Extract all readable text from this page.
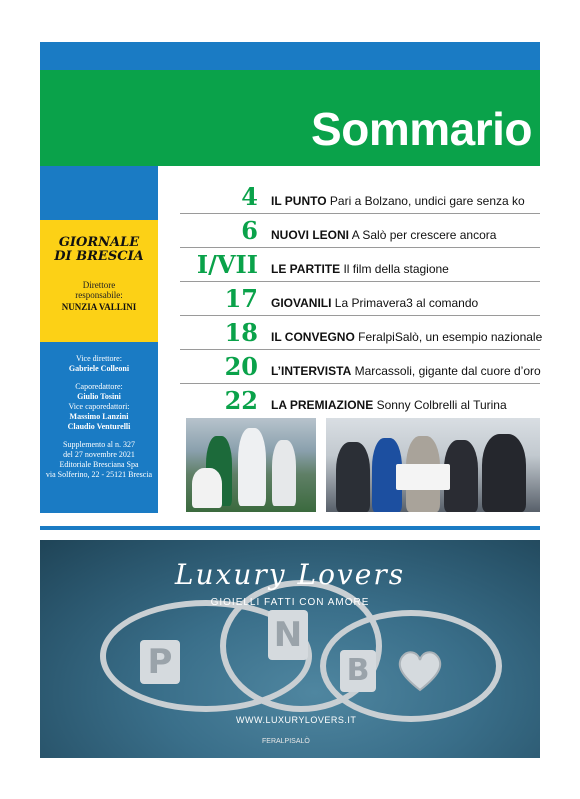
Sommario
GIORNALE
DI BRESCIA
Direttore
responsabile:
NUNZIA VALLINI
Vice direttore:
Gabriele Colleoni
Caporedattore:
Giulio Tosini
Vice caporedattori:
Massimo Lanzini
Claudio Venturelli
Supplemento al n. 327
del 27 novembre 2021
Editoriale Bresciana Spa
via Solferino, 22 - 25121 Brescia
4 IL PUNTO Pari a Bolzano, undici gare senza ko
6 NUOVI LEONI A Salò per crescere ancora
I/VII LE PARTITE Il film della stagione
17 GIOVANILI La Primavera3 al comando
18 IL CONVEGNO FeralpiSalò, un esempio nazionale
20 L’INTERVISTA Marcassoli, gigante dal cuore d’oro
22 LA PREMIAZIONE Sonny Colbrelli al Turina
P
N
B
Luxury Lovers
GIOIELLI FATTI CON AMORE
WWW.LUXURYLOVERS.IT
FERALPISALÒ
